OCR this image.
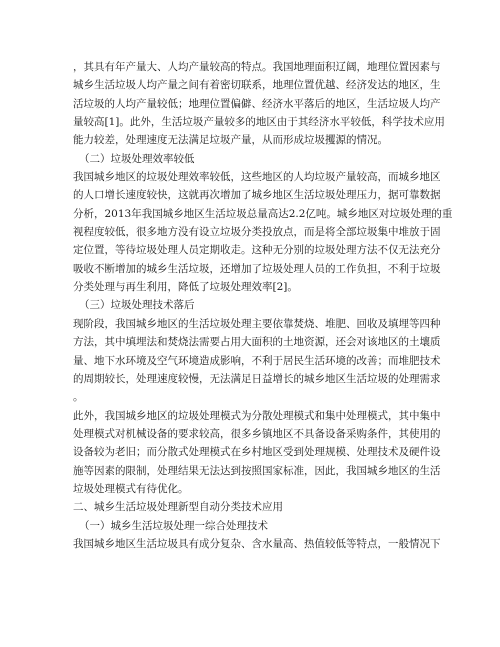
，其具有年产量大、人均产量较高的特点。我国地理面积辽阔，地理位置因素与
城乡生活垃圾人均产量之间有着密切联系，地理位置优越、经济发达的地区，生
活垃圾的人均产量较低；地理位置偏僻、经济水平落后的地区，生活垃圾人均产
量较高[1]。此外，生活垃圾产量较多的地区由于其经济水平较低，科学技术应用
能力较差，处理速度无法满足垃圾产量，从而形成垃圾攫源的情况。
（二）垃圾处理效率较低
我国城乡地区的垃圾处理效率较低，这些地区的人均垃圾产量较高，而城乡地区
的人口增长速度较快，这就再次增加了城乡地区生活垃圾处理压力，据可靠数据
分析，2013年我国城乡地区生活垃圾总量高达2.2亿吨。城乡地区对垃圾处理的重
视程度较低，很多地方没有设立垃圾分类投放点，而是将全部垃圾集中堆放于固
定位置，等待垃圾处理人员定期收走。这种无分别的垃圾处理方法不仅无法充分
吸收不断增加的城乡生活垃圾，还增加了垃圾处理人员的工作负担，不利于垃圾
分类处理与再生利用，降低了垃圾处理效率[2]。
（三）垃圾处理技术落后
现阶段，我国城乡地区的生活垃圾处理主要依靠焚烧、堆肥、回收及填埋等四种
方法，其中填埋法和焚烧法需要占用大面积的土地资源，还会对该地区的土壤质
量、地下水环境及空气环境造成影响，不利于居民生活环境的改善；而堆肥技术
的周期较长，处理速度较慢，无法满足日益增长的城乡地区生活垃圾的处理需求
。
此外，我国城乡地区的垃圾处理模式为分散处理模式和集中处理模式，其中集中
处理模式对机械设备的要求较高，很多乡镇地区不具备设备采购条件，其使用的
设备较为老旧；而分散式处理模式在乡村地区受到处理规模、处理技术及硬件设
施等因素的限制，处理结果无法达到按照国家标准，因此，我国城乡地区的生活
垃圾处理模式有待优化。
二、城乡生活垃圾处理新型自动分类技术应用
（一）城乡生活垃圾处理一综合处理技术
我国城乡地区生活垃圾具有成分复杂、含水量高、热值较低等特点，一般情况下
